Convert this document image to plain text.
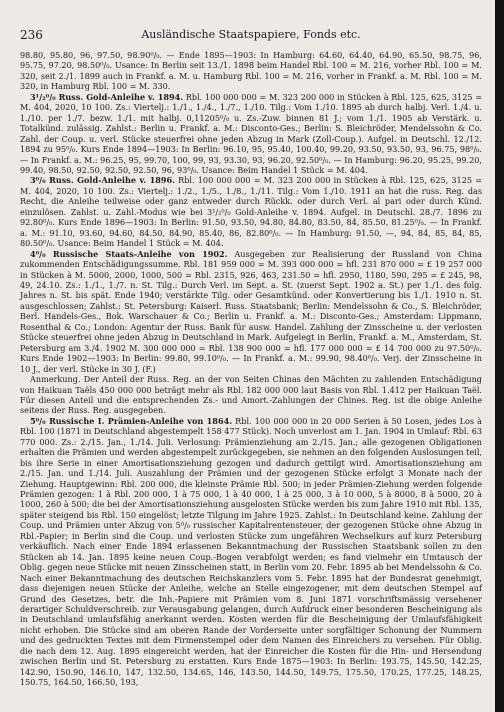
236	Ausländische Staatspapiere, Fonds etc.

98.80, 95.80, 96, 97.50, 98.90⁰/₀. — Ende 1895—1903: In Hamburg: 64.60, 64.40, 64.90, 65.50, 98.75, 96, 95.75, 97.20, 98.50⁰/₀. Usance: In Berlin seit 13./1. 1898 beim Handel Rbl. 100 = M. 216, vorher Rbl. 100 = M. 320, seit 2./1. 1899 auch in Frankf. a. M. u. Hamburg Rbl. 100 = M. 216, vorher in Frankf. a. M. Rbl. 100 = M. 320, in Hamburg Rbl. 100 = M. 330.

3¹/₂⁰/₀ Russ. Gold-Anleihe v. 1894. Rbl. 100 000 000 = M. 323 200 000 in Stücken à Rbl. 125, 625, 3125 = M. 404, 2020, 10 100. Zs.: Viertelj.: 1./1., 1./4., 1./7., 1./10. Tilg.: Vom 1./10. 1895 ab durch halbj. Verl. 1./4. u. 1./10. per 1./7. bezw. 1./1. mit halbj. 0,11205⁰/₀ u. Zs.-Zuw. binnen 81 J.; vom 1./1. 1905 ab Verstärk. u. Totalkünd. zulässig. Zahlst.: Berlin u. Frankf. a. M.: Disconto-Ges.; Berlin: S. Bleichröder, Mendelssohn & Co. Zahl. der Coup. u. verl. Stücke steuerfrei ohne jeden Abzug in Mark (Zoll-Coup.). Aufgel. in Deutschl. 12./12. 1894 zu 95⁰/₀. Kurs Ende 1894—1903: In Berlin: 96.10, 95, 95.40, 100.40, 99.20, 93.50, 93.50, 93, 96.75, 98⁰/₀. — In Frankf. a. M.: 96.25, 95, 99.70, 100, 99, 93, 93.30, 93, 96.20, 92.50⁰/₀. — In Hamburg: 96.20, 95.25, 99.20, 99.40, 98.50, 92.50, 92.50, 92.50, 96, 93⁰/₀. Usance: Beim Handel 1 Stück = M. 404.

3⁰/₀ Russ. Gold-Anleihe v. 1896. Rbl. 100 000 000 = M. 323 200 000 in Stücken à Rbl. 125, 625, 3125 = M. 404, 2020, 10 100. Zs.: Viertelj.: 1./2., 1./5., 1./8., 1./11. Tilg.: Vom 1./10. 1911 an hat die russ. Reg. das Recht, die Anleihe teilweise oder ganz entweder durch Rückk. oder durch Verl. al pari oder durch Künd. einzulösen. Zahlst. u. Zahl.-Modus wie bei 3¹/₂⁰/₀ Gold-Anleihe v. 1894. Aufgel. in Deutschl. 28./7. 1896 zu 92.80⁰/₀. Kurs Ende 1896—1903: In Berlin: 91.50, 93.50, 94.80, 84.80, 83.50, 84, 85.50, 81.25⁰/₀. — In Frankf. a. M.: 91.10, 93.60, 94.60, 84.50, 84.90, 85.40, 86, 82.80⁰/₀. — In Hamburg: 91.50, —, 94, 84, 85, 84, 85, 80.50⁰/₀. Usance: Beim Handel 1 Stück = M. 404.

4⁰/₀ Russische Staats-Anleihe von 1902. Ausgegeben zur Realisierung der Russland von China zukommenden Entschädigungssumme. Rbl. 181 959 000 = M. 393 000 000 = hfl. 231 870 000 = £ 19 257 000 in Stücken à M. 5000, 2000, 1000, 500 = Rbl. 2315, 926, 463, 231.50 = hfl. 2950, 1180, 590, 295 = £ 245, 98, 49, 24.10. Zs.: 1./1., 1./7. n. St. Tilg.: Durch Verl. im Sept. a. St. (zuerst Sept. 1902 a. St.) per 1./1. des folg. Jahres n. St. bis spät. Ende 1940; verstärkte Tilg. oder Gesamtkünd. oder Konvertierung bis 1./1. 1910 n. St. ausgeschlossen; Zahlst.: St. Petersburg: Kaiserl. Russ. Staatsbank; Berlin: Mendelssohn & Co., S. Bleichröder, Berl. Handels-Ges., Bok. Warschauer & Co.; Berlin u. Frankf. a. M.: Disconto-Ges.; Amsterdam: Lippmann, Rosenthal & Co.; London: Agentur der Russ. Bank für ausw. Handel. Zahlung der Zinsscheine u. der verlosten Stücke steuerfrei ohne jeden Abzug in Deutschland in Mark. Aufgelegt in Berlin, Frankf. a. M., Amsterdam, St. Petersburg am 3./4. 1902 M. 300 000 000 = Rbl. 138 900 000 = hfl. 177 000 000 = £ 14 700 000 zu 97.50⁰/₀. Kurs Ende 1902—1903: In Berlin: 99.80, 99.10⁰/₀. — In Frankf. a. M.: 99.90, 98.40⁰/₀. Verj. der Zinsscheine in 10 J., der verl. Stücke in 30 J. (F.)

Anmerkung. Der Anteil der Russ. Reg. an der von Seiten Chinas den Mächten zu zahlenden Entschädigung von Haikuan Taëls 450 000 000 beträgt mehr als Rbl. 182 000 000 laut Basis von Rbl. 1.412 per Haikuan Taël. Für diesen Anteil und die entsprechenden Zs.- und Amort.-Zahlungen der Chines. Reg. ist die obige Anleihe seitens der Russ. Reg. ausgegeben.

5⁰/₀ Russische I. Prämien-Anleihe von 1864. Rbl. 100 000 000 in 20 000 Serien à 50 Losen, jedes Los à Rbl. 100 (1871 in Deutschland abgestempelt 158 477 Stück). Noch unverlost am 1. Jan. 1904 in Umlauf: Rbl. 63 770 000. Zs.: 2./15. Jan., 1./14. Juli. Verlosung: Prämienziehung am 2./15. Jan.; alle gezogenen Obligationen erhalten die Prämien und werden abgestempelt zurückgegeben, sie nehmen an den folgenden Auslosungen teil, bis ihre Serie in einer Amortisationsziehung gezogen und dadurch gettilgt wird. Amortisationsziehung am 2./15. Jan. und 1./14. Juli. Auszahlung der Prämien und der gezogenen Stücke erfolgt 3 Monate nach der Ziehung. Hauptgewinn: Rbl. 200 000, die kleinste Prämie Rbl. 500; in jeder Prämien-Ziehung werden folgende Prämien gezogen: 1 à Rbl. 200 000, 1 à 75 000, 1 à 40 000, 1 à 25 000, 3 à 10 000, 5 à 8000, 8 à 5000, 20 à 1000, 260 à 500; die bei der Amortisationsziehung ausgelosten Stücke werden bis zum Jahre 1910 mit Rbl. 135, später steigend bis Rbl. 150 eingelöst; letzte Tilgung im Jahre 1925. Zahlst.: In Deutschland keine. Zahlung der Coup. und Prämien unter Abzug von 5⁰/₀ russischer Kapitalrentensteuer, der gezogenen Stücke ohne Abzug in Rbl.-Papier; in Berlin sind die Coup. und verlosten Stücke zum ungefähren Wechselkurs auf kurz Petersburg verkäuflich. Nach einer Ende 1894 erlassenen Bekanntmachung der Russischen Staatsbank sollen zu den Stücken ab 14. Jan. 1895 keine neuen Coup.-Bogen verabfolgt werden; es fand vielmehr ein Umtausch der Oblig. gegen neue Stücke mit neuen Zinsscheinen statt, in Berlin vom 20. Febr. 1895 ab bei Mendelssohn & Co. Nach einer Bekanntmachung des deutschen Reichskanzlers vom 5. Febr. 1895 hat der Bundesrat genehmigt, dass diejenigen neuen Stücke der Anleihe, welche an Stelle eingezogener, mit dem deutschen Stempel auf Grund des Gesetzes, betr. die Inh.-Papiere mit Prämien vom 8. Juni 1871 vorschriftsmässig versehener derartiger Schuldverschreib. zur Verausgabung gelangen, durch Aufdruck einer besonderen Bescheinigung als in Deutschland umlaufsfähig anerkannt werden. Kosten werden für die Bescheinigung der Umlaufsfähigkeit nicht erhoben. Die Stücke sind am oberen Rande der Vorderseite unter sorgfältiger Schonung der Nummern und des gedruckten Textes mit dem Firmenstempel oder dem Namen des Einreichers zu versehen. Für Oblig. die nach dem 12. Aug. 1895 eingereicht werden, hat der Einreicher die Kosten für die Hin- und Hersendung zwischen Berlin und St. Petersburg zu erstatten. Kurs Ende 1875—1903: In Berlin: 193.75, 145.50, 142.25, 142.90, 150.90, 146.10, 147, 132.50, 134.65, 146, 143.50, 144.50, 149.75, 175.50, 170.25, 177.25, 148.25, 150.75, 164.50, 166.50, 193,
